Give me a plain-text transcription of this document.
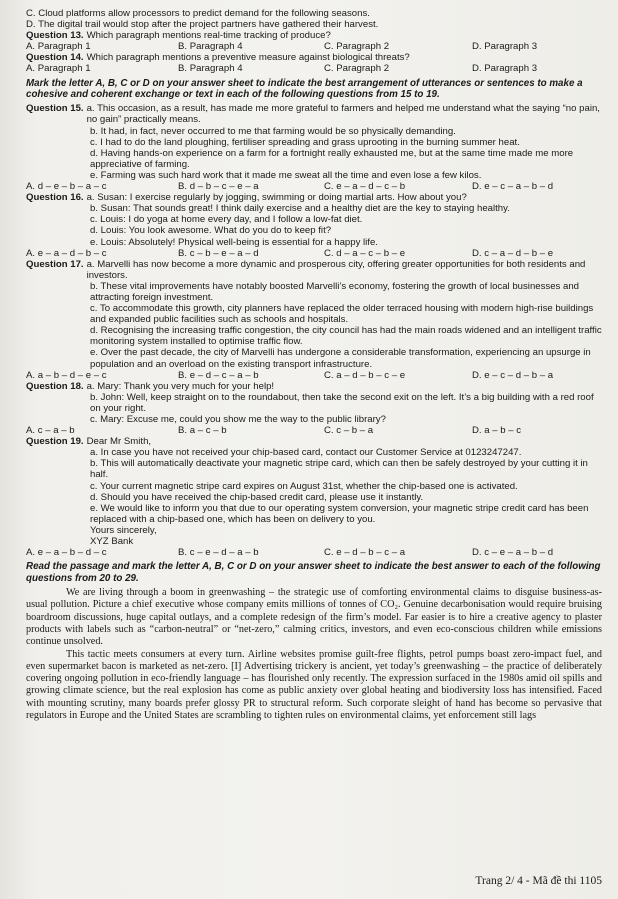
C. Cloud platforms allow processors to predict demand for the following seasons.

D. The digital trail would stop after the project partners have gathered their harvest.

Question 13. Which paragraph mentions real-time tracking of produce?
A. Paragraph 1	B. Paragraph 4	C. Paragraph 2	D. Paragraph 3
Question 14. Which paragraph mentions a preventive measure against biological threats?
A. Paragraph 1	B. Paragraph 4	C. Paragraph 2	D. Paragraph 3

Mark the letter A, B, C or D on your answer sheet to indicate the best arrangement of utterances or sentences to make a cohesive and coherent exchange or text in each of the following questions from 15 to 19.

Question 15. a. This occasion, as a result, has made me more grateful to farmers and helped me understand what the saying “no pain, no gain” practically means.

b. It had, in fact, never occurred to me that farming would be so physically demanding.

c. I had to do the land ploughing, fertiliser spreading and grass uprooting in the burning summer heat.

d. Having hands-on experience on a farm for a fortnight really exhausted me, but at the same time made me more appreciative of farming.

e. Farming was such hard work that it made me sweat all the time and even lose a few kilos.

A. d – e – b – a – c	B. d – b – c – e – a	C. e – a – d – c – b	D. e – c – a – b – d
Question 16. a. Susan: I exercise regularly by jogging, swimming or doing martial arts. How about you?

b. Susan: That sounds great! I think daily exercise and a healthy diet are the key to staying healthy.

c. Louis: I do yoga at home every day, and I follow a low-fat diet.

d. Louis: You look awesome. What do you do to keep fit?

e. Louis: Absolutely! Physical well-being is essential for a happy life.

A. e – a – d – b – c	B. c – b – e – a – d	C. d – a – c – b – e	D. c – a – d – b – e
Question 17. a. Marvelli has now become a more dynamic and prosperous city, offering greater opportunities for both residents and investors.

b. These vital improvements have notably boosted Marvelli’s economy, fostering the growth of local businesses and attracting foreign investment.

c. To accommodate this growth, city planners have replaced the older terraced housing with modern high-rise buildings and expanded public facilities such as schools and hospitals.

d. Recognising the increasing traffic congestion, the city council has had the main roads widened and an intelligent traffic monitoring system installed to optimise traffic flow.

e. Over the past decade, the city of Marvelli has undergone a considerable transformation, experiencing an upsurge in population and an overload on the existing transport infrastructure.

A. a – b – d – e – c	B. e – d – c – a – b	C. a – d – b – c – e	D. e – c – d – b – a
Question 18. a. Mary: Thank you very much for your help!

b. John: Well, keep straight on to the roundabout, then take the second exit on the left. It’s a big building with a red roof on your right.

c. Mary: Excuse me, could you show me the way to the public library?

A. c – a – b	B. a – c – b	C. c – b – a	D. a – b – c
Question 19. Dear Mr Smith,

a. In case you have not received your chip-based card, contact our Customer Service at 0123247247.

b. This will automatically deactivate your magnetic stripe card, which can then be safely destroyed by your cutting it in half.

c. Your current magnetic stripe card expires on August 31st, whether the chip-based one is activated.

d. Should you have received the chip-based credit card, please use it instantly.

e. We would like to inform you that due to our operating system conversion, your magnetic stripe credit card has been replaced with a chip-based one, which has been on delivery to you.

Yours sincerely,

XYZ Bank

A. e – a – b – d – c	B. c – e – d – a – b	C. e – d – b – c – a	D. c – e – a – b – d

Read the passage and mark the letter A, B, C or D on your answer sheet to indicate the best answer to each of the following questions from 20 to 29.

We are living through a boom in greenwashing – the strategic use of comforting environmental claims to disguise business-as-usual pollution. Picture a chief executive whose company emits millions of tonnes of CO₂. Genuine decarbonisation would require bruising boardroom discussions, huge capital outlays, and a complete redesign of the firm’s model. Far easier is to hire a creative agency to plaster products with labels such as “carbon-neutral” or “net-zero,” calming critics, investors, and even eco-conscious children while emissions continue unsolved.

This tactic meets consumers at every turn. Airline websites promise guilt-free flights, petrol pumps boast zero-impact fuel, and even supermarket bacon is marketed as net-zero. [I] Advertising trickery is ancient, yet today’s greenwashing – the practice of deliberately covering ongoing pollution in eco-friendly language – has flourished only recently. The expression surfaced in the 1980s amid oil spills and growing climate science, but the real explosion has come as public anxiety over global heating and biodiversity loss has intensified. Faced with mounting scrutiny, many boards prefer glossy PR to structural reform. Such corporate sleight of hand has become so pervasive that regulators in Europe and the United States are scrambling to tighten rules on environmental claims, yet enforcement still lags

Trang 2/ 4 - Mã đề thi 1105
